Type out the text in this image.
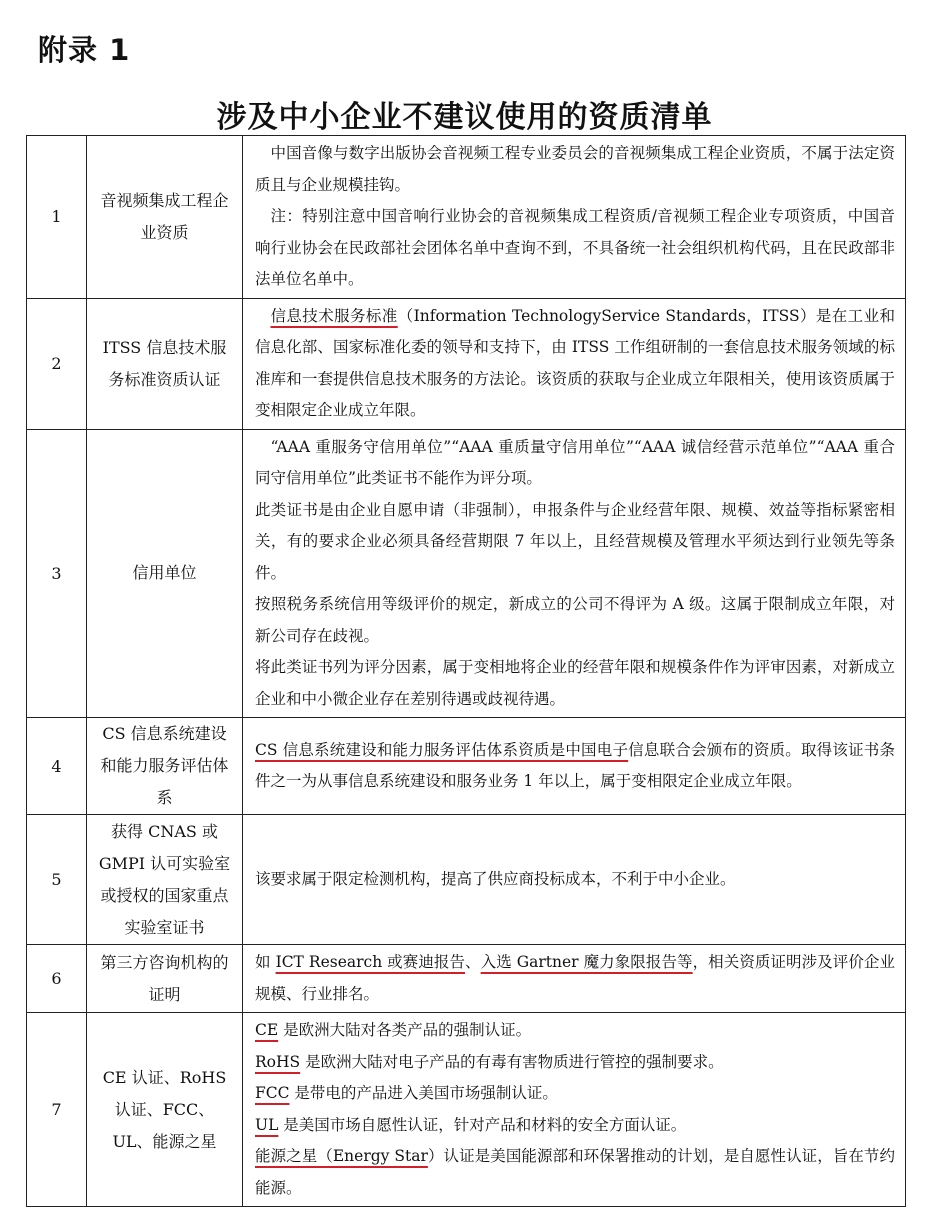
附录 1
涉及中小企业不建议使用的资质清单
1	音视频集成工程企业资质	中国音像与数字出版协会音视频工程专业委员会的音视频集成工程企业资质，不属于法定资质且与企业规模挂钩。

注：特别注意中国音响行业协会的音视频集成工程资质/音视频工程企业专项资质，中国音响行业协会在民政部社会团体名单中查询不到，不具备统一社会组织机构代码，且在民政部非法单位名单中。

2	ITSS 信息技术服务标准资质认证	信息技术服务标准（Information TechnologyService Standards，ITSS）是在工业和信息化部、国家标准化委的领导和支持下，由 ITSS 工作组研制的一套信息技术服务领域的标准库和一套提供信息技术服务的方法论。该资质的获取与企业成立年限相关，使用该资质属于变相限定企业成立年限。

3	信用单位	“AAA 重服务守信用单位”“AAA 重质量守信用单位”“AAA 诚信经营示范单位”“AAA 重合同守信用单位”此类证书不能作为评分项。

此类证书是由企业自愿申请（非强制），申报条件与企业经营年限、规模、效益等指标紧密相关，有的要求企业必须具备经营期限 7 年以上，且经营规模及管理水平须达到行业领先等条件。

按照税务系统信用等级评价的规定，新成立的公司不得评为 A 级。这属于限制成立年限，对新公司存在歧视。

将此类证书列为评分因素，属于变相地将企业的经营年限和规模条件作为评审因素，对新成立企业和中小微企业存在差别待遇或歧视待遇。

4	CS 信息系统建设和能力服务评估体系	CS 信息系统建设和能力服务评估体系资质是中国电子信息联合会颁布的资质。取得该证书条件之一为从事信息系统建设和服务业务 1 年以上，属于变相限定企业成立年限。

5	获得 CNAS 或 GMPI 认可实验室或授权的国家重点实验室证书	该要求属于限定检测机构，提高了供应商投标成本，不利于中小企业。

6	第三方咨询机构的证明	如 ICT Research 或赛迪报告、入选 Gartner 魔力象限报告等，相关资质证明涉及评价企业规模、行业排名。

7	CE 认证、RoHS 认证、FCC、UL、能源之星	CE 是欧洲大陆对各类产品的强制认证。

RoHS 是欧洲大陆对电子产品的有毒有害物质进行管控的强制要求。

FCC 是带电的产品进入美国市场强制认证。

UL 是美国市场自愿性认证，针对产品和材料的安全方面认证。

能源之星（Energy Star）认证是美国能源部和环保署推动的计划，是自愿性认证，旨在节约能源。
